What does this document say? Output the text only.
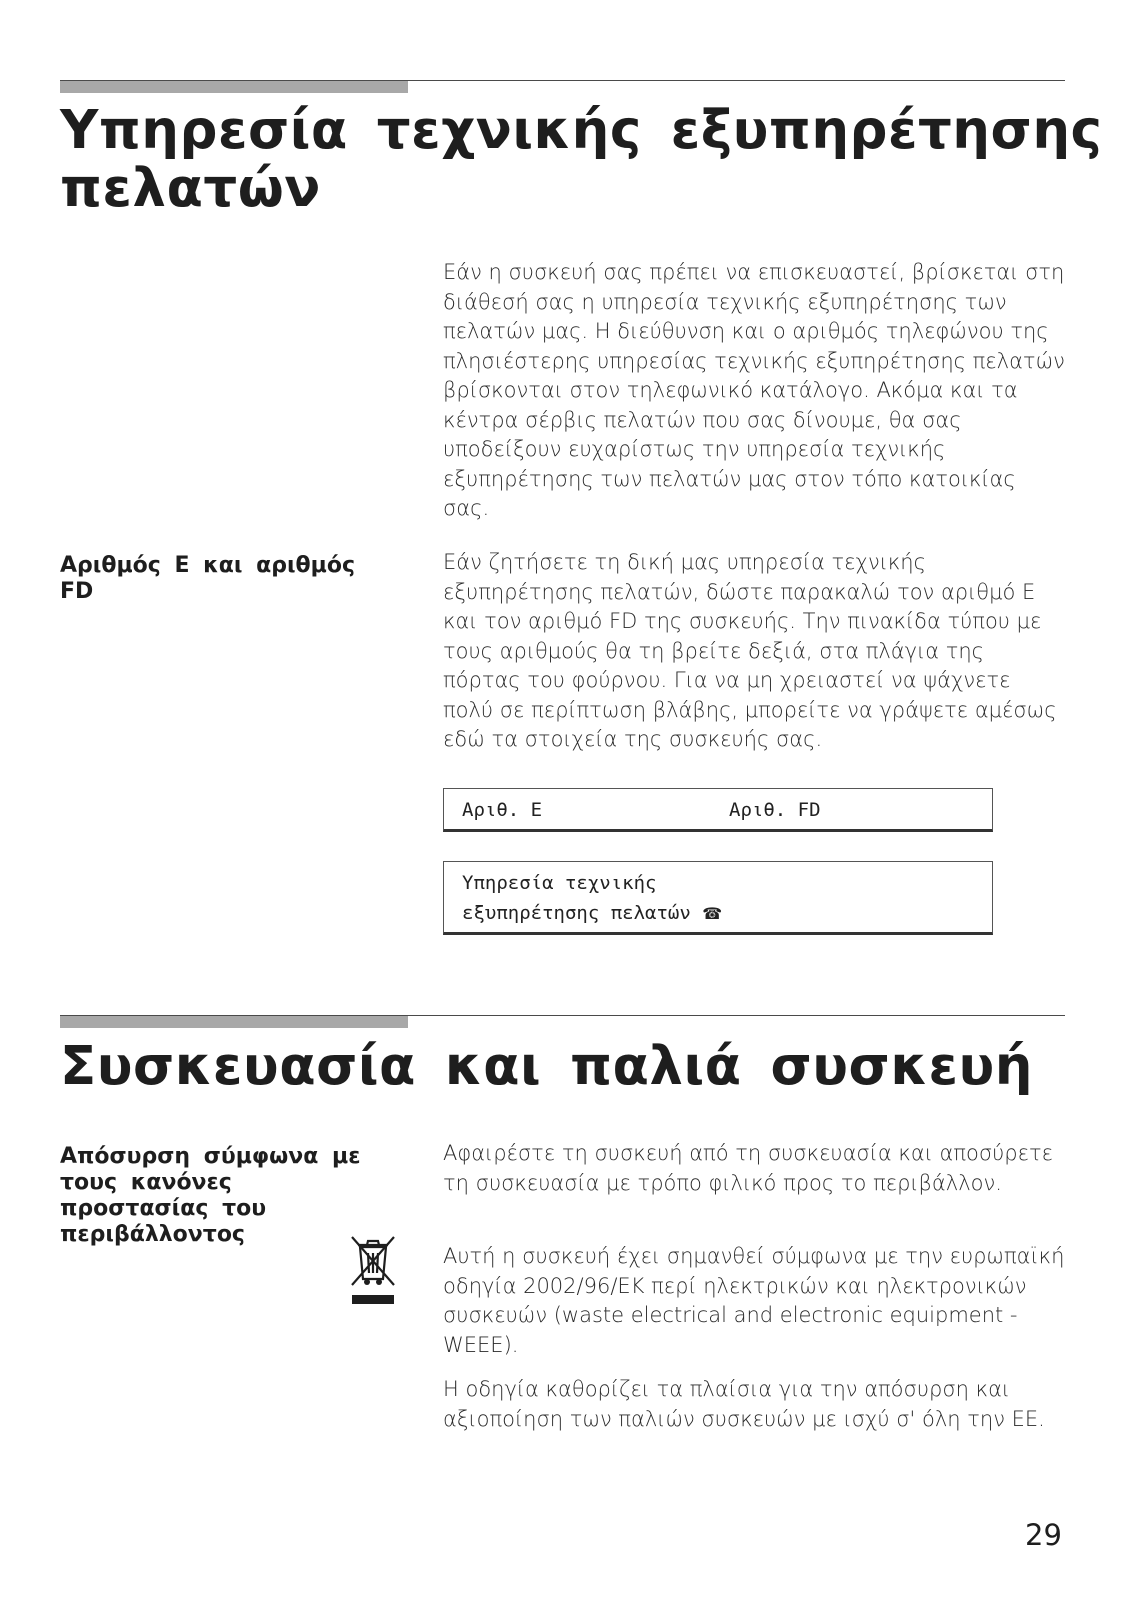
Υπηρεσία τεχνικής εξυπηρέτησης
πελατών

Εάν η συσκευή σας πρέπει να επισκευαστεί, βρίσκεται στη διάθεσή σας η υπηρεσία τεχνικής εξυπηρέτησης των πελατών μας. Η διεύθυνση και ο αριθμός τηλεφώνου της πλησιέστερης υπηρεσίας τεχνικής εξυπηρέτησης πελατών βρίσκονται στον τηλεφωνικό κατάλογο. Ακόμα και τα κέντρα σέρβις πελατών που σας δίνουμε, θα σας υποδείξουν ευχαρίστως την υπηρεσία τεχνικής εξυπηρέτησης των πελατών μας στον τόπο κατοικίας σας.

Αριθμός E και αριθμός FD

Εάν ζητήσετε τη δική μας υπηρεσία τεχνικής εξυπηρέτησης πελατών, δώστε παρακαλώ τον αριθμό E και τον αριθμό FD της συσκευής. Την πινακίδα τύπου με τους αριθμούς θα τη βρείτε δεξιά, στα πλάγια της πόρτας του φούρνου. Για να μη χρειαστεί να ψάχνετε πολύ σε περίπτωση βλάβης, μπορείτε να γράψετε αμέσως εδώ τα στοιχεία της συσκευής σας.

Αριθ. E	Αριθ. FD
Υπηρεσία τεχνικής
εξυπηρέτησης πελατών ☎
Συσκευασία και παλιά συσκευή

Απόσυρση σύμφωνα με τους κανόνες προστασίας του περιβάλλοντος

Αφαιρέστε τη συσκευή από τη συσκευασία και αποσύρετε τη συσκευασία με τρόπο φιλικό προς το περιβάλλον.

Αυτή η συσκευή έχει σημανθεί σύμφωνα με την ευρωπαϊκή οδηγία 2002/96/EK περί ηλεκτρικών και ηλεκτρονικών συσκευών (waste electrical and electronic equipment - WEEE).

Η οδηγία καθορίζει τα πλαίσια για την απόσυρση και αξιοποίηση των παλιών συσκευών με ισχύ σ' όλη την ΕΕ.

29
